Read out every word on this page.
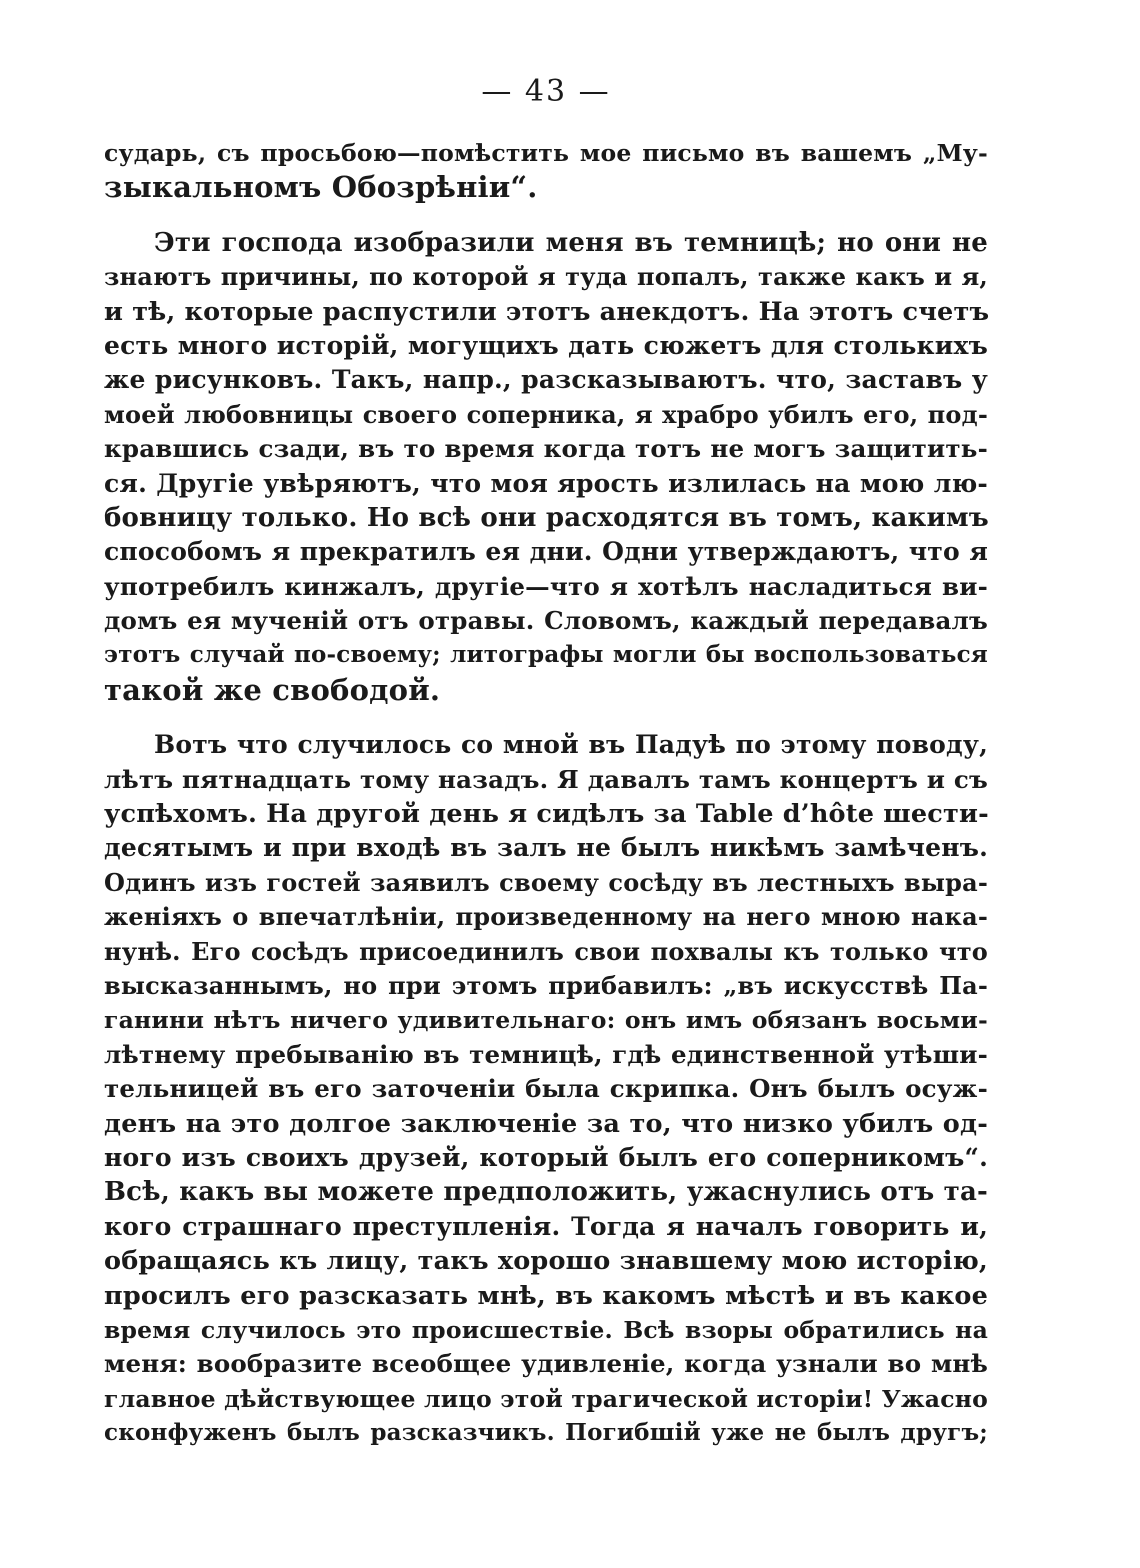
— 43 —
сударь, съ просьбою—помѣстить мое письмо въ вашемъ „Му-
зыкальномъ Обозрѣніи“.
Эти господа изобразили меня въ темницѣ; но они не
знаютъ причины, по которой я туда попалъ, также какъ и я,
и тѣ, которые распустили этотъ анекдотъ. На этотъ счетъ
есть много исторій, могущихъ дать сюжетъ для столькихъ
же рисунковъ. Такъ, напр., разсказываютъ. что, заставъ у
моей любовницы своего соперника, я храбро убилъ его, под-
кравшись сзади, въ то время когда тотъ не могъ защитить-
ся. Другіе увѣряютъ, что моя ярость излилась на мою лю-
бовницу только. Но всѣ они расходятся въ томъ, какимъ
способомъ я прекратилъ ея дни. Одни утверждаютъ, что я
употребилъ кинжалъ, другіе—что я хотѣлъ насладиться ви-
домъ ея мученій отъ отравы. Словомъ, каждый передавалъ
этотъ случай по-своему; литографы могли бы воспользоваться
такой же свободой.
Вотъ что случилось со мной въ Падуѣ по этому поводу,
лѣтъ пятнадцать тому назадъ. Я давалъ тамъ концертъ и съ
успѣхомъ. На другой день я сидѣлъ за Table d’hôte шести-
десятымъ и при входѣ въ залъ не былъ никѣмъ замѣченъ.
Одинъ изъ гостей заявилъ своему сосѣду въ лестныхъ выра-
женіяхъ о впечатлѣніи, произведенному на него мною нака-
нунѣ. Его сосѣдъ присоединилъ свои похвалы къ только что
высказаннымъ, но при этомъ прибавилъ: „въ искусствѣ Па-
ганини нѣтъ ничего удивительнаго: онъ имъ обязанъ восьми-
лѣтнему пребыванію въ темницѣ, гдѣ единственной утѣши-
тельницей въ его заточеніи была скрипка. Онъ былъ осуж-
денъ на это долгое заключеніе за то, что низко убилъ од-
ного изъ своихъ друзей, который былъ его соперникомъ“.
Всѣ, какъ вы можете предположить, ужаснулись отъ та-
кого страшнаго преступленія. Тогда я началъ говорить и,
обращаясь къ лицу, такъ хорошо знавшему мою исторію,
просилъ его разсказать мнѣ, въ какомъ мѣстѣ и въ какое
время случилось это происшествіе. Всѣ взоры обратились на
меня: вообразите всеобщее удивленіе, когда узнали во мнѣ
главное дѣйствующее лицо этой трагической исторіи! Ужасно
сконфуженъ былъ разсказчикъ. Погибшій уже не былъ другъ;
